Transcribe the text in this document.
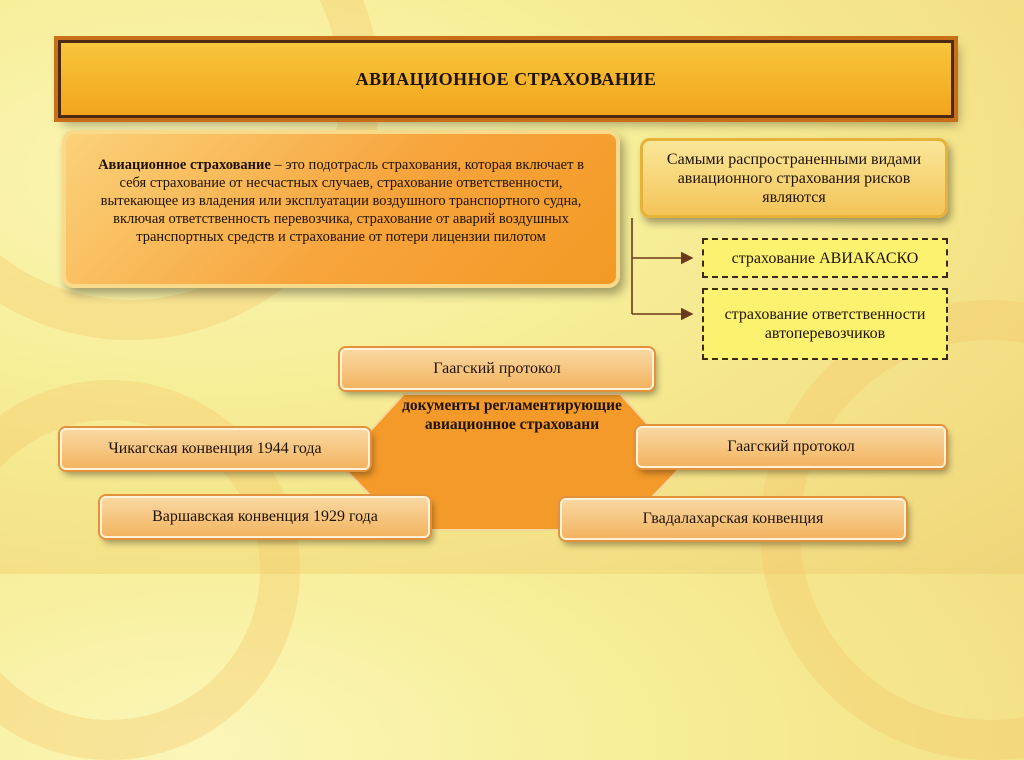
АВИАЦИОННОЕ СТРАХОВАНИЕ
Авиационное страхование – это подотрасль страхования, которая включает в себя страхование от несчастных случаев, страхование ответственности, вытекающее из владения или эксплуатации воздушного транспортного судна, включая ответственность перевозчика, страхование от аварий воздушных транспортных средств и страхование от потери лицензии пилотом
Самыми распространенными видами авиационного страхования рисков являются
страхование АВИАКАСКО
страхование ответственности автоперевозчиков
документы регламентирующие авиационное страховани
Гаагский протокол
Чикагская конвенция 1944 года	Гаагский протокол
Варшавская конвенция 1929 года	Гвадалахарская конвенция
